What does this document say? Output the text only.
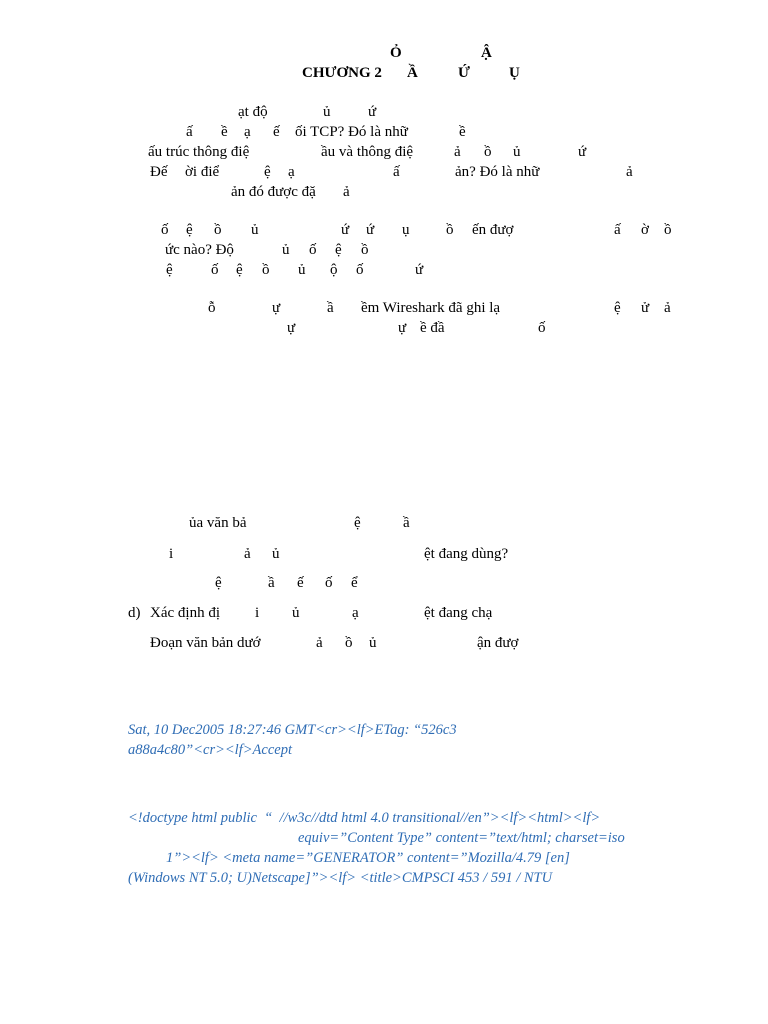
Ỏ	Ậ
CHƯƠNG 2 Ầ	Ứ	Ụ
ạt độ	ủ	ứ
ấ ề ạ ế ối TCP? Đó là nhữ	ề
ấu trúc thông điệ	ầu và thông điệ	ả ồ ủ	ứ
Đế ời điể	ệ ạ	ấ	ản? Đó là nhữ	ả
ản đó được đặ ả
ố ệ ồ ủ	ứ ứ ụ ồ ến đượ	ấ ờ ồ
ức nào? Độ	ủ ố ệ ồ
ệ	ố ệ ồ ủ ộ ố	ứ
ỗ	ự	ầ ềm Wireshark đã ghi lạ	ệ ử ả
ự	ự ề đầ	ố
ủa văn bả	ệ	ầ
i	ả ủ	ệt đang dùng?
ệ	ầ ế ố ể
d) Xác định đị i ủ	ạ	ệt đang chạ
Đoạn văn bản dướ	ả ồ ủ	ận đượ
Sat, 10 Dec2005 18:27:46 GMT<cr><lf>ETag: “526c3
a88a4c80”<cr><lf>Accept
<!doctype html public  “  //w3c//dtd html 4.0 transitional//en”><lf><html><lf>
equiv=”Content Type” content=”text/html; charset=iso
1”><lf> <meta name=”GENERATOR” content=”Mozilla/4.79 [en]
(Windows NT 5.0; U)Netscape]”><lf> <title>CMPSCI 453 / 591 / NTU
